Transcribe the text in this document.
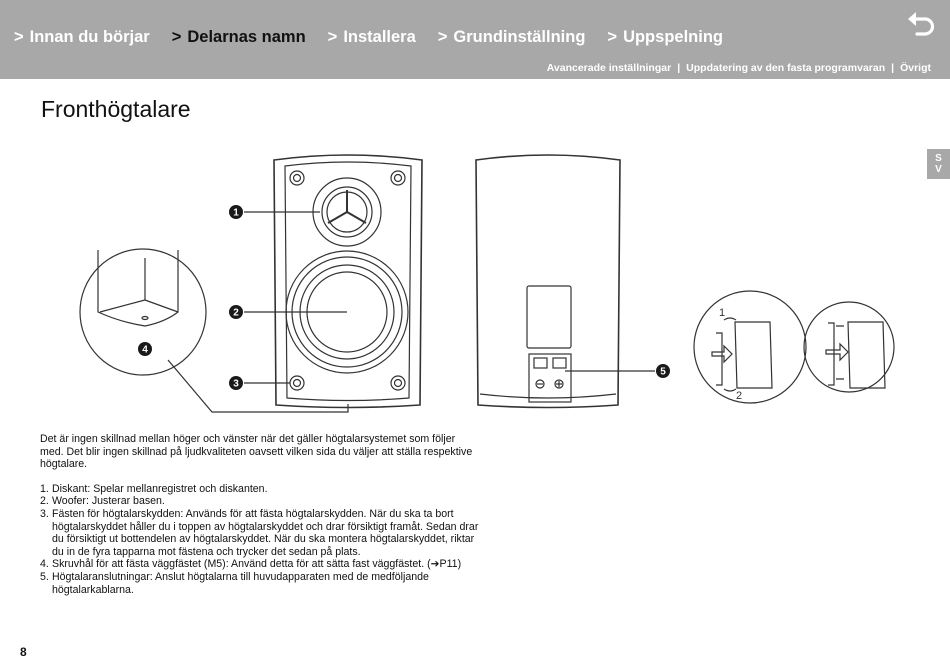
> Innan du börjar > Delarnas namn > Installera > Grundinställning > Uppspelning
Avancerade inställningar | Uppdatering av den fasta programvaran | Övrigt
Fronthögtalare
S
V
1
2
3
4
5
1
2

Det är ingen skillnad mellan höger och vänster när det gäller högtalarsystemet som följer med. Det blir ingen skillnad på ljudkvaliteten oavsett vilken sida du väljer att ställa respektive högtalare.

1. Diskant: Spelar mellanregistret och diskanten.
2. Woofer: Justerar basen.
3. Fästen för högtalarskydden: Används för att fästa högtalarskydden. När du ska ta bort högtalarskyddet håller du i toppen av högtalarskyddet och drar försiktigt framåt. Sedan drar du försiktigt ut bottendelen av högtalarskyddet. När du ska montera högtalarskyddet, riktar du in de fyra tapparna mot fästena och trycker det sedan på plats.
4. Skruvhål för att fästa väggfästet (M5): Använd detta för att sätta fast väggfästet. (➔P11)
5. Högtalaranslutningar: Anslut högtalarna till huvudapparaten med de medföljande högtalarkablarna.
8
